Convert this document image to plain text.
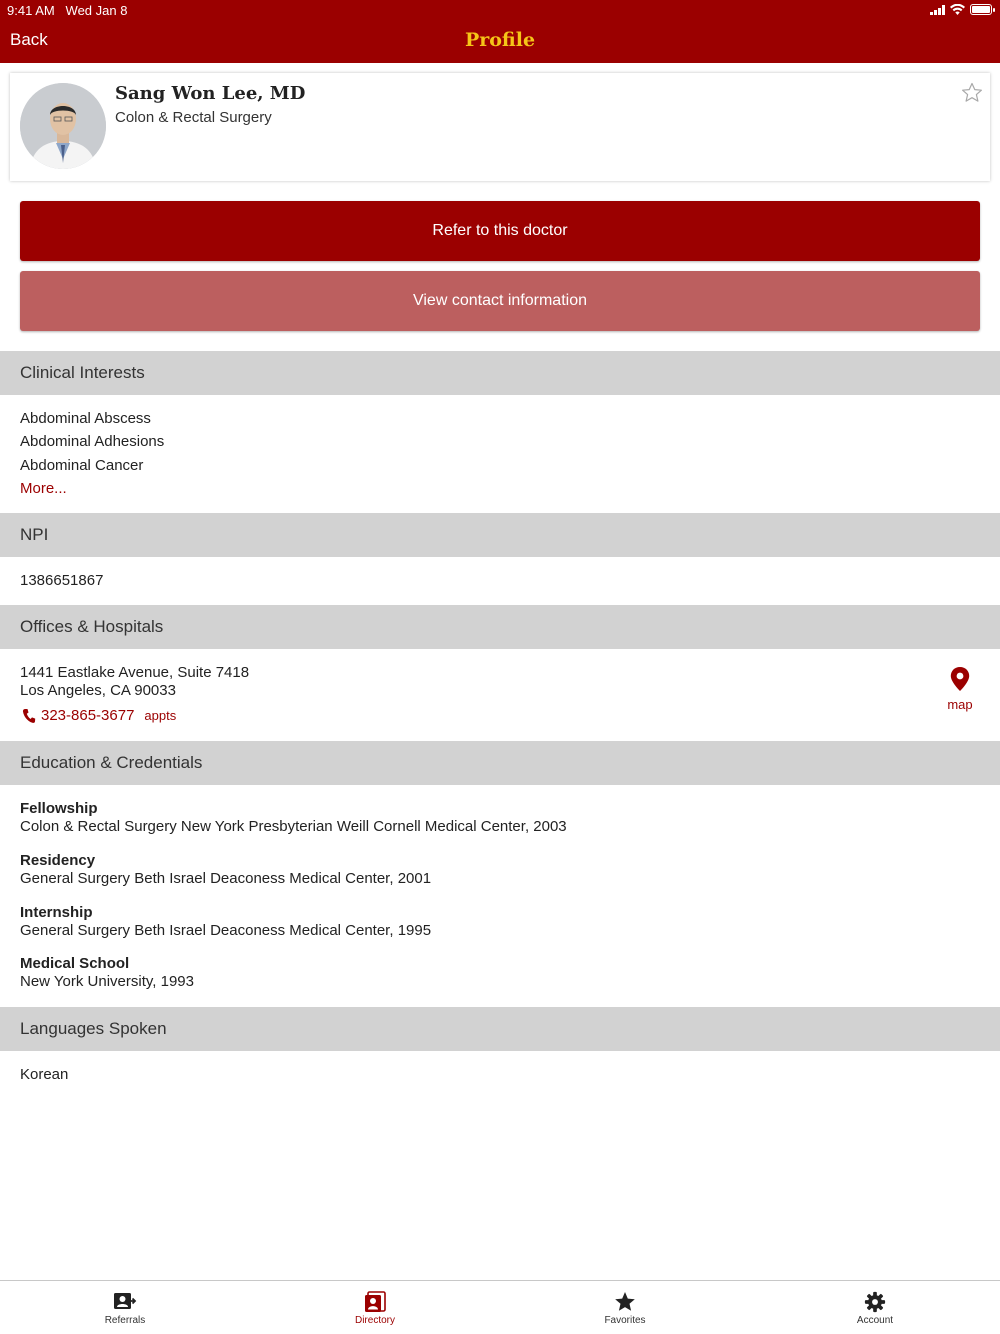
9:41 AM Wed Jan 8
Back	Profile
Sang Won Lee, MD
Colon & Rectal Surgery
Refer to this doctor
View contact information
Clinical Interests
Abdominal Abscess
Abdominal Adhesions
Abdominal Cancer
More...
NPI
1386651867
Offices & Hospitals
1441 Eastlake Avenue, Suite 7418
Los Angeles, CA 90033
323-865-3677 appts
map
Education & Credentials
Fellowship
Colon & Rectal Surgery New York Presbyterian Weill Cornell Medical Center, 2003
Residency
General Surgery Beth Israel Deaconess Medical Center, 2001
Internship
General Surgery Beth Israel Deaconess Medical Center, 1995
Medical School
New York University, 1993
Languages Spoken
Korean
Referrals	Directory	Favorites	Account
